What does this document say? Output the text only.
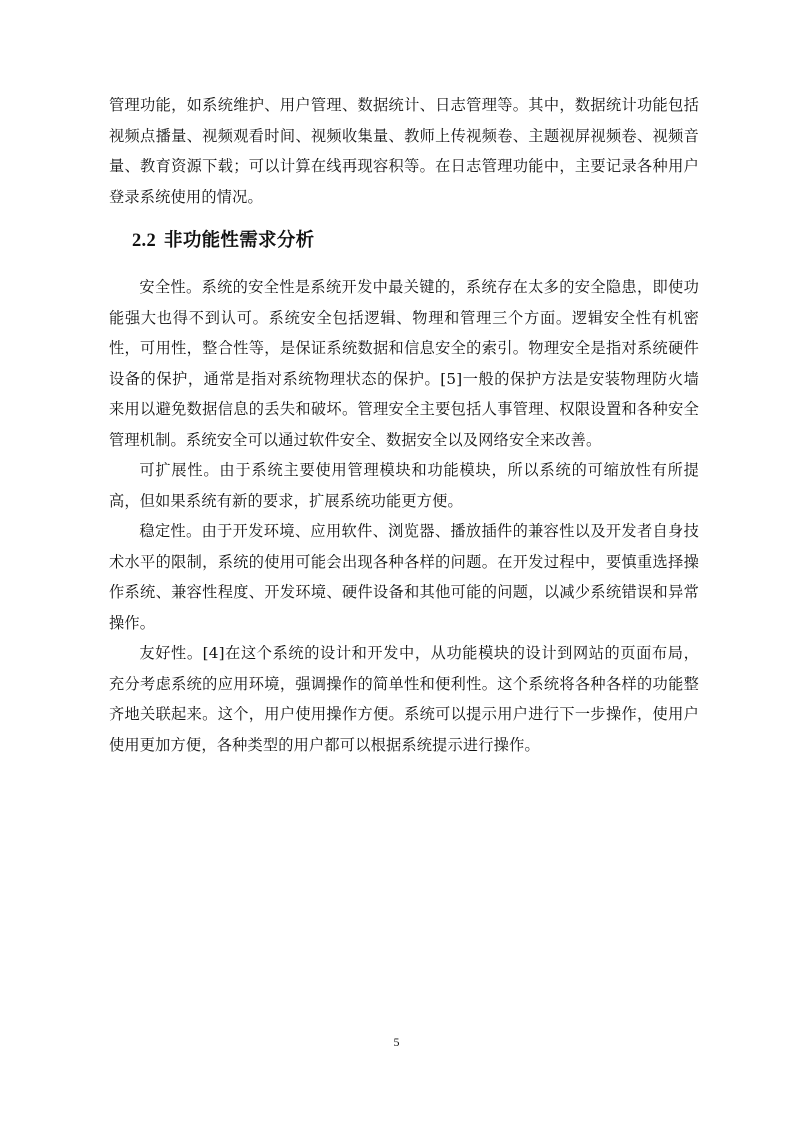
管理功能，如系统维护、用户管理、数据统计、日志管理等。其中，数据统计功能包括视频点播量、视频观看时间、视频收集量、教师上传视频卷、主题视屏视频卷、视频音量、教育资源下载；可以计算在线再现容积等。在日志管理功能中，主要记录各种用户登录系统使用的情况。

2.2 非功能性需求分析

安全性。系统的安全性是系统开发中最关键的，系统存在太多的安全隐患，即使功能强大也得不到认可。系统安全包括逻辑、物理和管理三个方面。逻辑安全性有机密性，可用性，整合性等，是保证系统数据和信息安全的索引。物理安全是指对系统硬件设备的保护，通常是指对系统物理状态的保护。[5]一般的保护方法是安装物理防火墙来用以避免数据信息的丢失和破坏。管理安全主要包括人事管理、权限设置和各种安全管理机制。系统安全可以通过软件安全、数据安全以及网络安全来改善。

可扩展性。由于系统主要使用管理模块和功能模块，所以系统的可缩放性有所提高，但如果系统有新的要求，扩展系统功能更方便。

稳定性。由于开发环境、应用软件、浏览器、播放插件的兼容性以及开发者自身技术水平的限制，系统的使用可能会出现各种各样的问题。在开发过程中，要慎重选择操作系统、兼容性程度、开发环境、硬件设备和其他可能的问题，以减少系统错误和异常操作。

友好性。[4]在这个系统的设计和开发中，从功能模块的设计到网站的页面布局，充分考虑系统的应用环境，强调操作的简单性和便利性。这个系统将各种各样的功能整齐地关联起来。这个，用户使用操作方便。系统可以提示用户进行下一步操作，使用户使用更加方便，各种类型的用户都可以根据系统提示进行操作。

5
